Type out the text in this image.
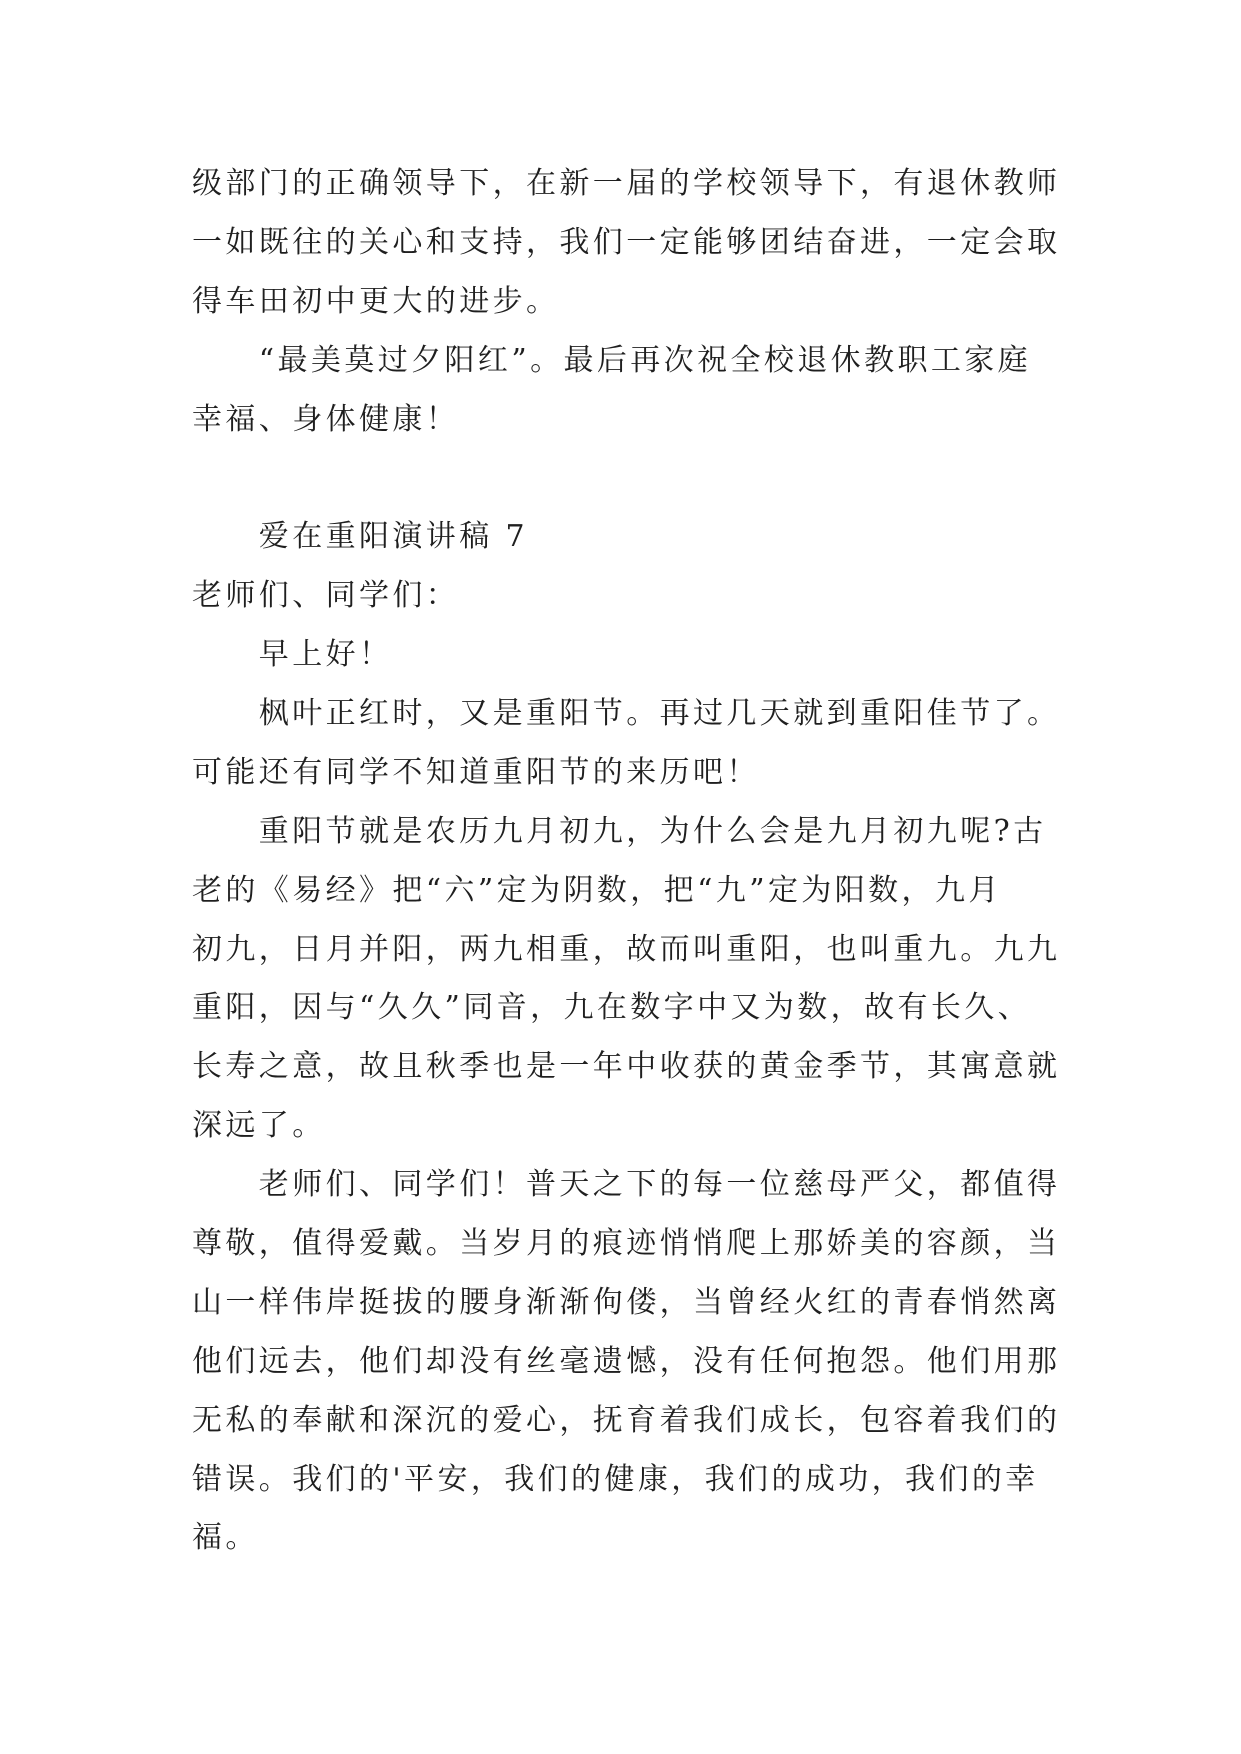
级部门的正确领导下，在新一届的学校领导下，有退休教师
一如既往的关心和支持，我们一定能够团结奋进，一定会取
得车田初中更大的进步。
“最美莫过夕阳红”。最后再次祝全校退休教职工家庭
幸福、身体健康！
爱在重阳演讲稿 7
老师们、同学们：
早上好！
枫叶正红时，又是重阳节。再过几天就到重阳佳节了。
可能还有同学不知道重阳节的来历吧！
重阳节就是农历九月初九，为什么会是九月初九呢?古
老的《易经》把“六”定为阴数，把“九”定为阳数，九月
初九，日月并阳，两九相重，故而叫重阳，也叫重九。九九
重阳，因与“久久”同音，九在数字中又为数，故有长久、
长寿之意，故且秋季也是一年中收获的黄金季节，其寓意就
深远了。
老师们、同学们！普天之下的每一位慈母严父，都值得
尊敬，值得爱戴。当岁月的痕迹悄悄爬上那娇美的容颜，当
山一样伟岸挺拔的腰身渐渐佝偻，当曾经火红的青春悄然离
他们远去，他们却没有丝毫遗憾，没有任何抱怨。他们用那
无私的奉献和深沉的爱心，抚育着我们成长，包容着我们的
错误。我们的'平安，我们的健康，我们的成功，我们的幸
福。
